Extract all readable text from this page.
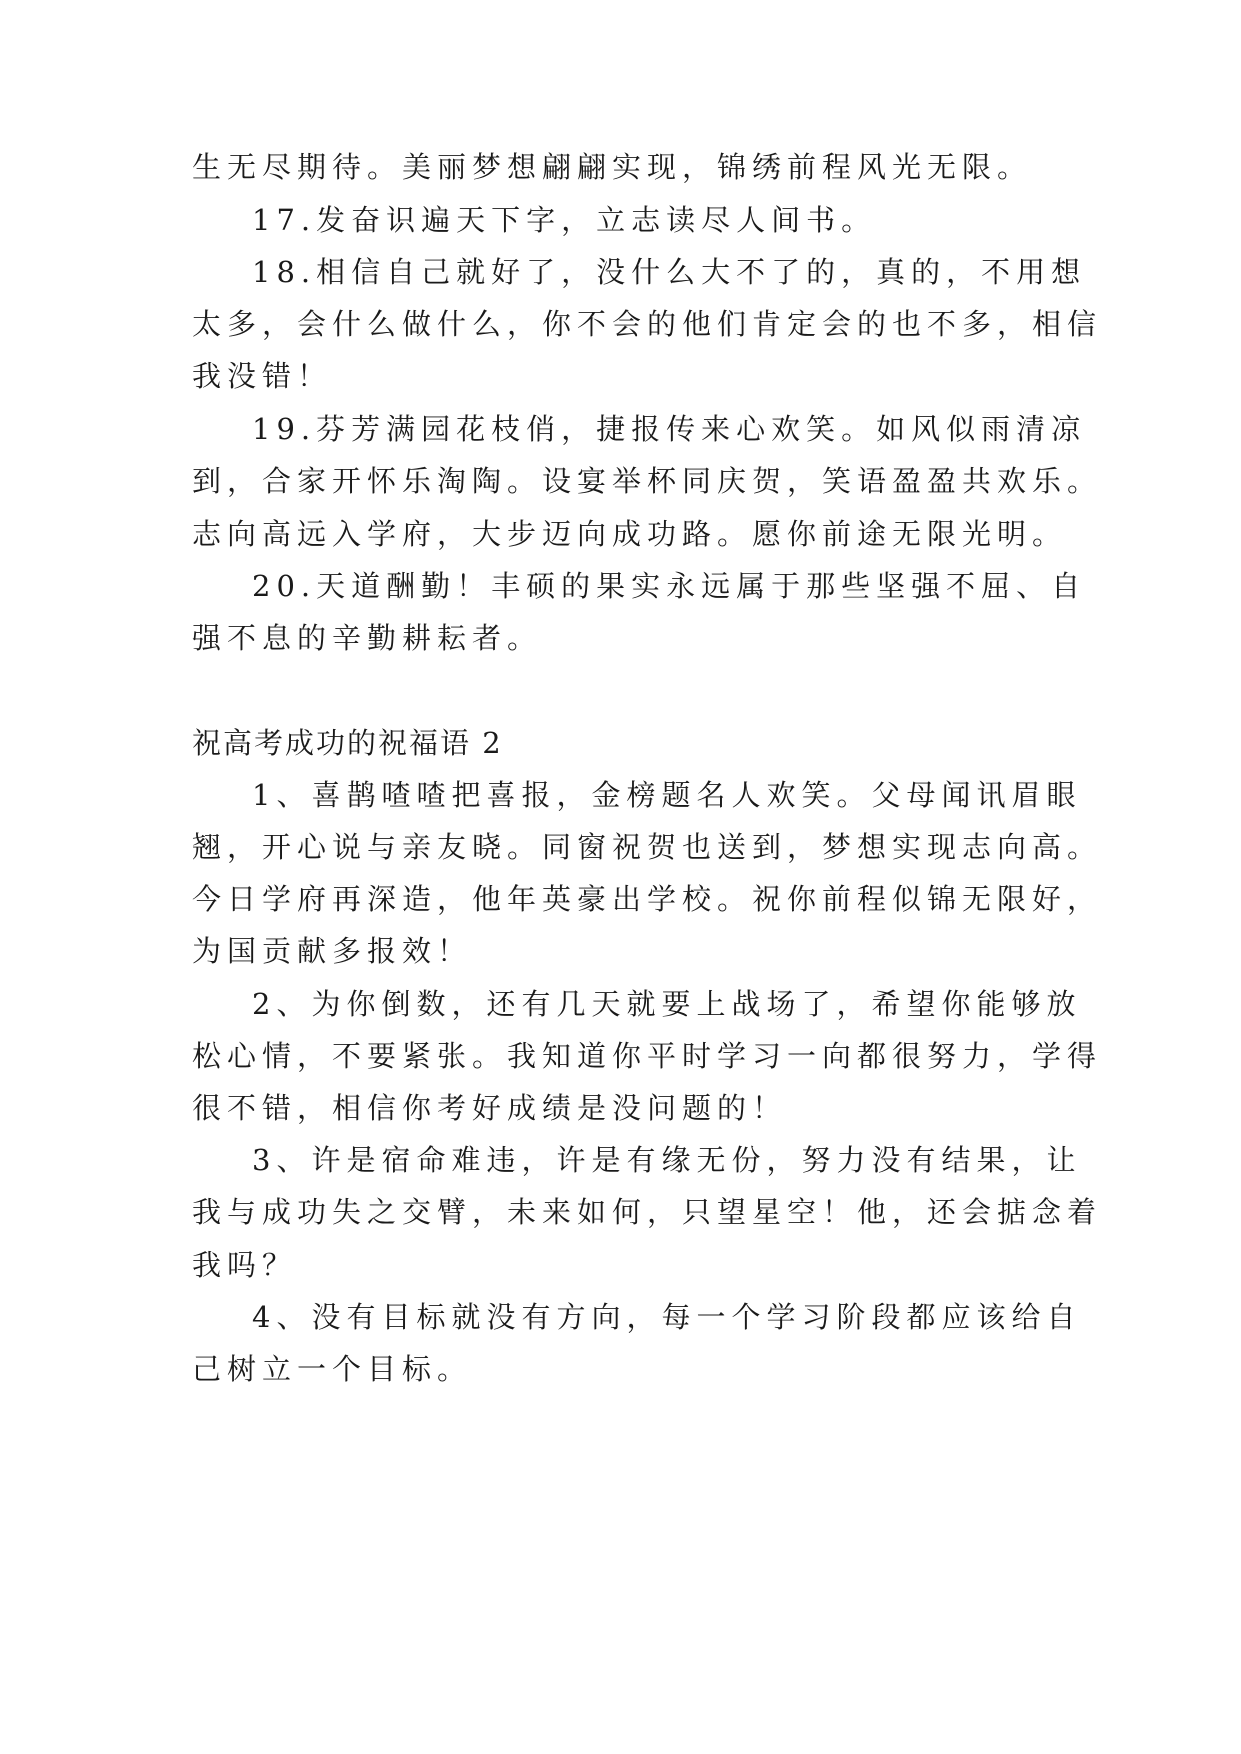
生无尽期待。美丽梦想翩翩实现，锦绣前程风光无限。
17.发奋识遍天下字，立志读尽人间书。
18.相信自己就好了，没什么大不了的，真的，不用想
太多，会什么做什么，你不会的他们肯定会的也不多，相信
我没错！
19.芬芳满园花枝俏，捷报传来心欢笑。如风似雨清凉
到，合家开怀乐淘陶。设宴举杯同庆贺，笑语盈盈共欢乐。
志向高远入学府，大步迈向成功路。愿你前途无限光明。
20.天道酬勤！丰硕的果实永远属于那些坚强不屈、自
强不息的辛勤耕耘者。
祝高考成功的祝福语 2
1、喜鹊喳喳把喜报，金榜题名人欢笑。父母闻讯眉眼
翘，开心说与亲友晓。同窗祝贺也送到，梦想实现志向高。
今日学府再深造，他年英豪出学校。祝你前程似锦无限好，
为国贡献多报效！
2、为你倒数，还有几天就要上战场了，希望你能够放
松心情，不要紧张。我知道你平时学习一向都很努力，学得
很不错，相信你考好成绩是没问题的！
3、许是宿命难违，许是有缘无份，努力没有结果，让
我与成功失之交臂，未来如何，只望星空！他，还会掂念着
我吗？
4、没有目标就没有方向，每一个学习阶段都应该给自
己树立一个目标。
